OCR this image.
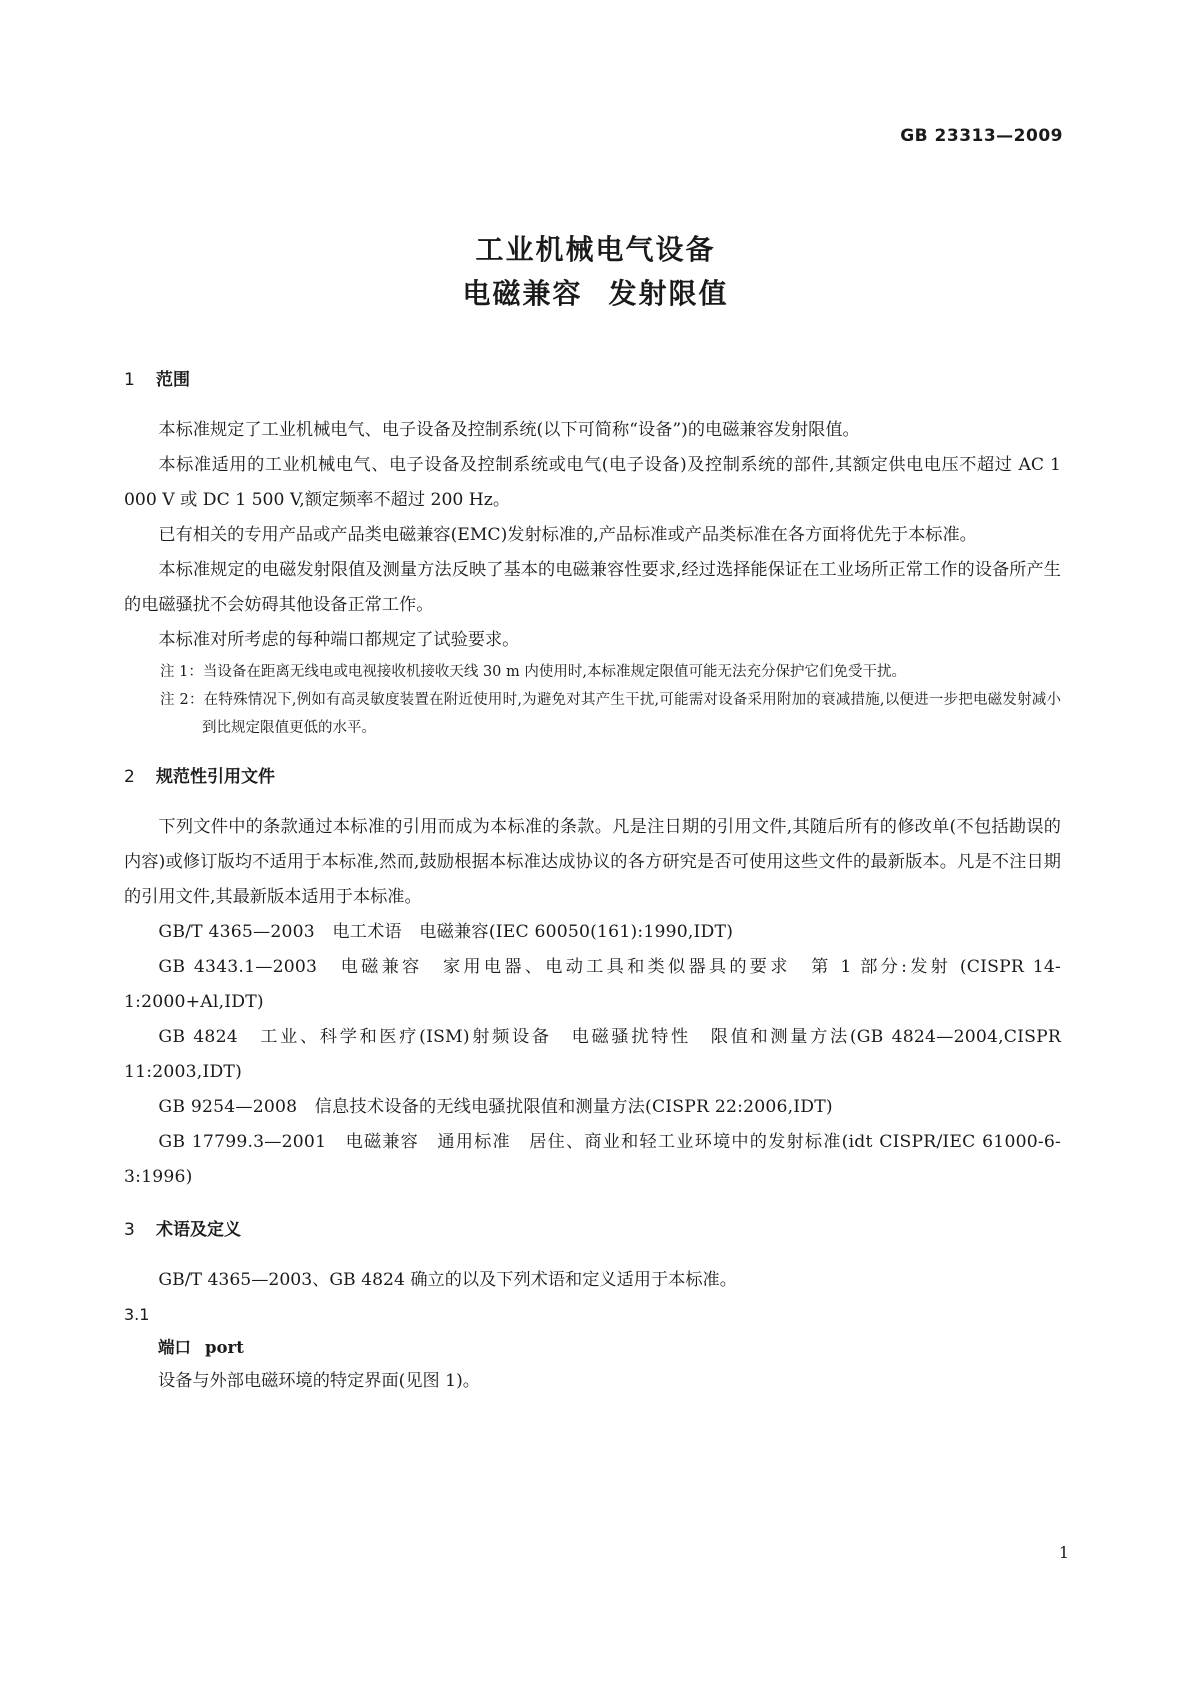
GB 23313—2009
工业机械电气设备
电磁兼容 发射限值
1 范围

本标准规定了工业机械电气、电子设备及控制系统(以下可简称“设备”)的电磁兼容发射限值。

本标准适用的工业机械电气、电子设备及控制系统或电气(电子设备)及控制系统的部件,其额定供电电压不超过 AC 1 000 V 或 DC 1 500 V,额定频率不超过 200 Hz。

已有相关的专用产品或产品类电磁兼容(EMC)发射标准的,产品标准或产品类标准在各方面将优先于本标准。

本标准规定的电磁发射限值及测量方法反映了基本的电磁兼容性要求,经过选择能保证在工业场所正常工作的设备所产生的电磁骚扰不会妨碍其他设备正常工作。

本标准对所考虑的每种端口都规定了试验要求。

注 1：当设备在距离无线电或电视接收机接收天线 30 m 内使用时,本标准规定限值可能无法充分保护它们免受干扰。

注 2：在特殊情况下,例如有高灵敏度装置在附近使用时,为避免对其产生干扰,可能需对设备采用附加的衰减措施,以便进一步把电磁发射减小到比规定限值更低的水平。

2 规范性引用文件

下列文件中的条款通过本标准的引用而成为本标准的条款。凡是注日期的引用文件,其随后所有的修改单(不包括勘误的内容)或修订版均不适用于本标准,然而,鼓励根据本标准达成协议的各方研究是否可使用这些文件的最新版本。凡是不注日期的引用文件,其最新版本适用于本标准。

GB/T 4365—2003　电工术语　电磁兼容(IEC 60050(161):1990,IDT)

GB 4343.1—2003　电磁兼容　家用电器、电动工具和类似器具的要求　第 1 部分:发射 (CISPR 14-1:2000+Al,IDT)

GB 4824　工业、科学和医疗(ISM)射频设备　电磁骚扰特性　限值和测量方法(GB 4824—2004,CISPR 11:2003,IDT)

GB 9254—2008　信息技术设备的无线电骚扰限值和测量方法(CISPR 22:2006,IDT)

GB 17799.3—2001　电磁兼容　通用标准　居住、商业和轻工业环境中的发射标准(idt CISPR/IEC 61000-6-3:1996)

3 术语及定义

GB/T 4365—2003、GB 4824 确立的以及下列术语和定义适用于本标准。

3.1
端口 port
设备与外部电磁环境的特定界面(见图 1)。
1
